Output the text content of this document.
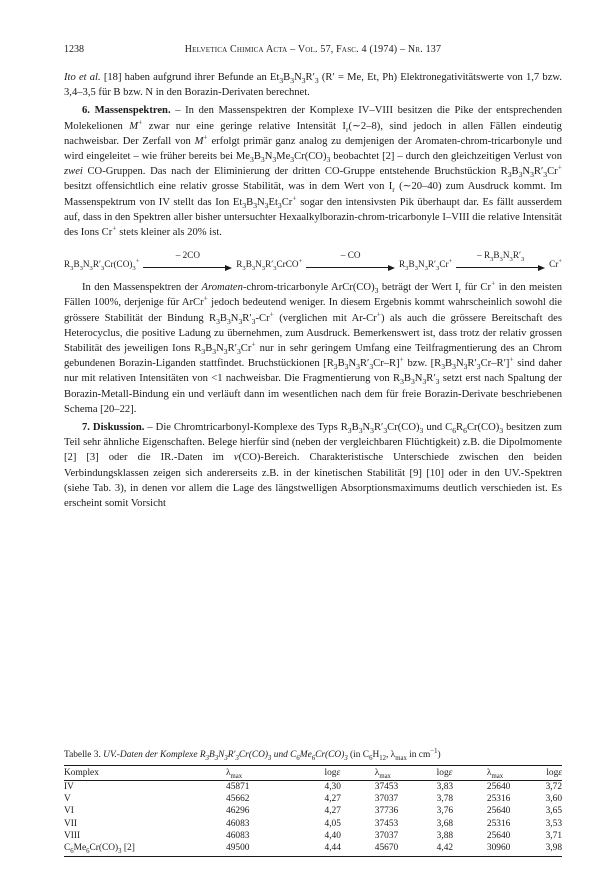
1238	Helvetica Chimica Acta – Vol. 57, Fasc. 4 (1974) – Nr. 137

Ito et al. [18] haben aufgrund ihrer Befunde an $Et_3B_3N_3R'_3$ (R′ = Me, Et, Ph) Elektronegativitätswerte von 1,7 bzw. 3,4–3,5 für B bzw. N in den Borazin-Derivaten berechnet.

6. Massenspektren. – In den Massenspektren der Komplexe IV–VIII besitzen die Pike der entsprechenden Molekelionen M+ zwar nur eine geringe relative Intensität $I_r(\sim 2-8)$, sind jedoch in allen Fällen eindeutig nachweisbar. Der Zerfall von M+ erfolgt primär ganz analog zu demjenigen der Aromaten-chrom-tricarbonyle und wird eingeleitet – wie früher bereits bei $Me_3B_3N_3Me_3Cr(CO)_3$ beobachtet [2] – durch den gleichzeitigen Verlust von zwei CO-Gruppen. Das nach der Eliminierung der dritten CO-Gruppe entstehende Bruchstückion $R_3B_3N_3R'_3Cr^+$ besitzt offensichtlich eine relativ grosse Stabilität, was in dem Wert von $I_r$ (∼20–40) zum Ausdruck kommt. Im Massenspektrum von IV stellt das Ion $Et_3B_3N_3Et_3Cr^+$ sogar den intensivsten Pik überhaupt dar. Es fällt ausserdem auf, dass in den Spektren aller bisher untersuchter Hexaalkylborazin-chrom-tricarbonyle I–VIII die relative Intensität des Ions Cr+ stets kleiner als 20% ist.

$R_3B_3N_3R'_3Cr(CO)_3^+$
– 2CO
$R_3B_3N_3R'_3CrCO^+$
– CO
$R_3B_3N_3R'_3Cr^+$
– $R_3B_3N_3R'_3$	Cr+

In den Massenspektren der Aromaten-chrom-tricarbonyle $ArCr(CO)_3$ beträgt der Wert $I_r$ für Cr+ in den meisten Fällen 100%, derjenige für ArCr+ jedoch bedeutend weniger. In diesem Ergebnis kommt wahrscheinlich sowohl die grössere Stabilität der Bindung $R_3B_3N_3R'_3-Cr^+$ (verglichen mit Ar-Cr+) als auch die grössere Bereitschaft des Heterocyclus, die positive Ladung zu übernehmen, zum Ausdruck. Bemerkenswert ist, dass trotz der relativ grossen Stabilität des jeweiligen Ions $R_3B_3N_3R'_3Cr^+$ nur in sehr geringem Umfang eine Teilfragmentierung des an Chrom gebundenen Borazin-Liganden stattfindet. Bruchstückionen $[R_3B_3N_3R'_3Cr-R]^+$ bzw. $[R_3B_3N_3R'_3Cr-R']^+$ sind daher nur mit relativen Intensitäten von <1 nachweisbar. Die Fragmentierung von $R_3B_3N_3R'_3$ setzt erst nach Spaltung der Borazin-Metall-Bindung ein und verläuft dann im wesentlichen nach dem für freie Borazin-Derivate beschriebenen Schema [20–22].

7. Diskussion. – Die Chromtricarbonyl-Komplexe des Typs $R_3B_3N_3R'_3Cr(CO)_3$ und $C_6R_6Cr(CO)_3$ besitzen zum Teil sehr ähnliche Eigenschaften. Belege hierfür sind (neben der vergleichbaren Flüchtigkeit) z.B. die Dipolmomente [2] [3] oder die IR.-Daten im ν(CO)-Bereich. Charakteristische Unterschiede zwischen den beiden Verbindungsklassen zeigen sich andererseits z.B. in der kinetischen Stabilität [9] [10] oder in den UV.-Spektren (siehe Tab. 3), in denen vor allem die Lage des längstwelligen Absorptionsmaximums deutlich verschieden ist. Es erscheint somit Vorsicht

Tabelle 3. UV.-Daten der Komplexe $R_3B_3N_3R'_3Cr(CO)_3$ und $C_6Me_6Cr(CO)_3$ (in $C_6H_{12}$, $\lambda_{max}$ in $cm^{-1}$)
Komplex	$\lambda_{max}$	logε	$\lambda_{max}$	logε	$\lambda_{max}$	logε
IV	45871	4,30	37453	3,83	25640	3,72
V	45662	4,27	37037	3,78	25316	3,60
VI	46296	4,27	37736	3,76	25640	3,65
VII	46083	4,05	37453	3,68	25316	3,53
VIII	46083	4,40	37037	3,88	25640	3,71
$C_6Me_6Cr(CO)_3$ [2]	49500	4,44	45670	4,42	30960	3,98
